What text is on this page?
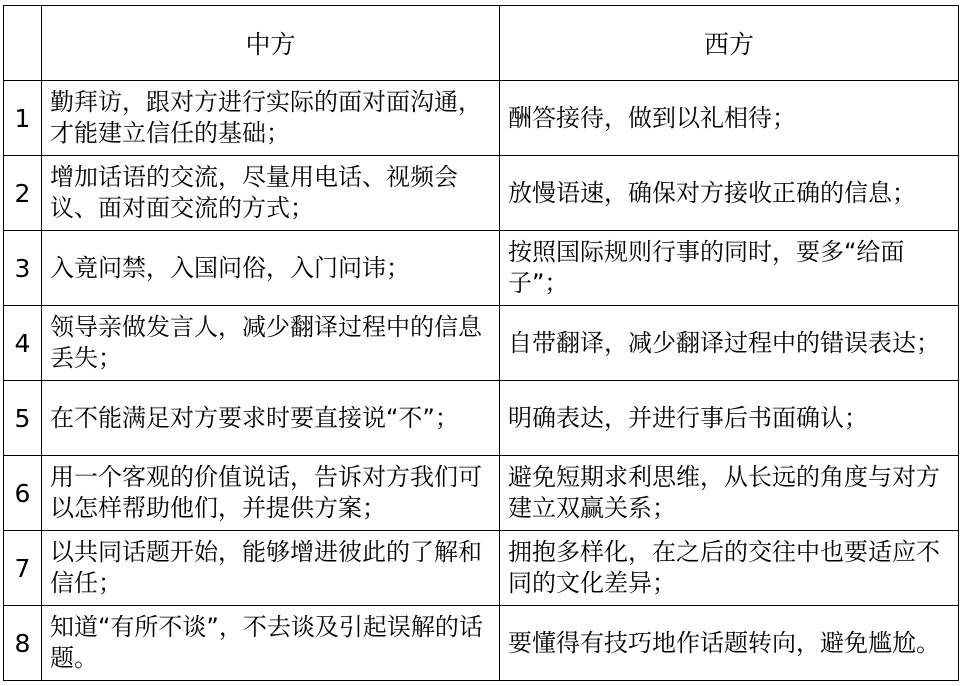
	中方	西方
1	勤拜访，跟对方进行实际的面对面沟通，才能建立信任的基础；	酬答接待，做到以礼相待；
2	增加话语的交流，尽量用电话、视频会议、面对面交流的方式；	放慢语速，确保对方接收正确的信息；
3	入竟问禁，入国问俗，入门问讳；	按照国际规则行事的同时，要多“给面子”；
4	领导亲做发言人，减少翻译过程中的信息丢失；	自带翻译，减少翻译过程中的错误表达；
5	在不能满足对方要求时要直接说“不”；	明确表达，并进行事后书面确认；
6	用一个客观的价值说话，告诉对方我们可以怎样帮助他们，并提供方案；	避免短期求利思维，从长远的角度与对方建立双赢关系；
7	以共同话题开始，能够增进彼此的了解和信任；	拥抱多样化，在之后的交往中也要适应不同的文化差异；
8	知道“有所不谈”，不去谈及引起误解的话题。	要懂得有技巧地作话题转向，避免尴尬。
